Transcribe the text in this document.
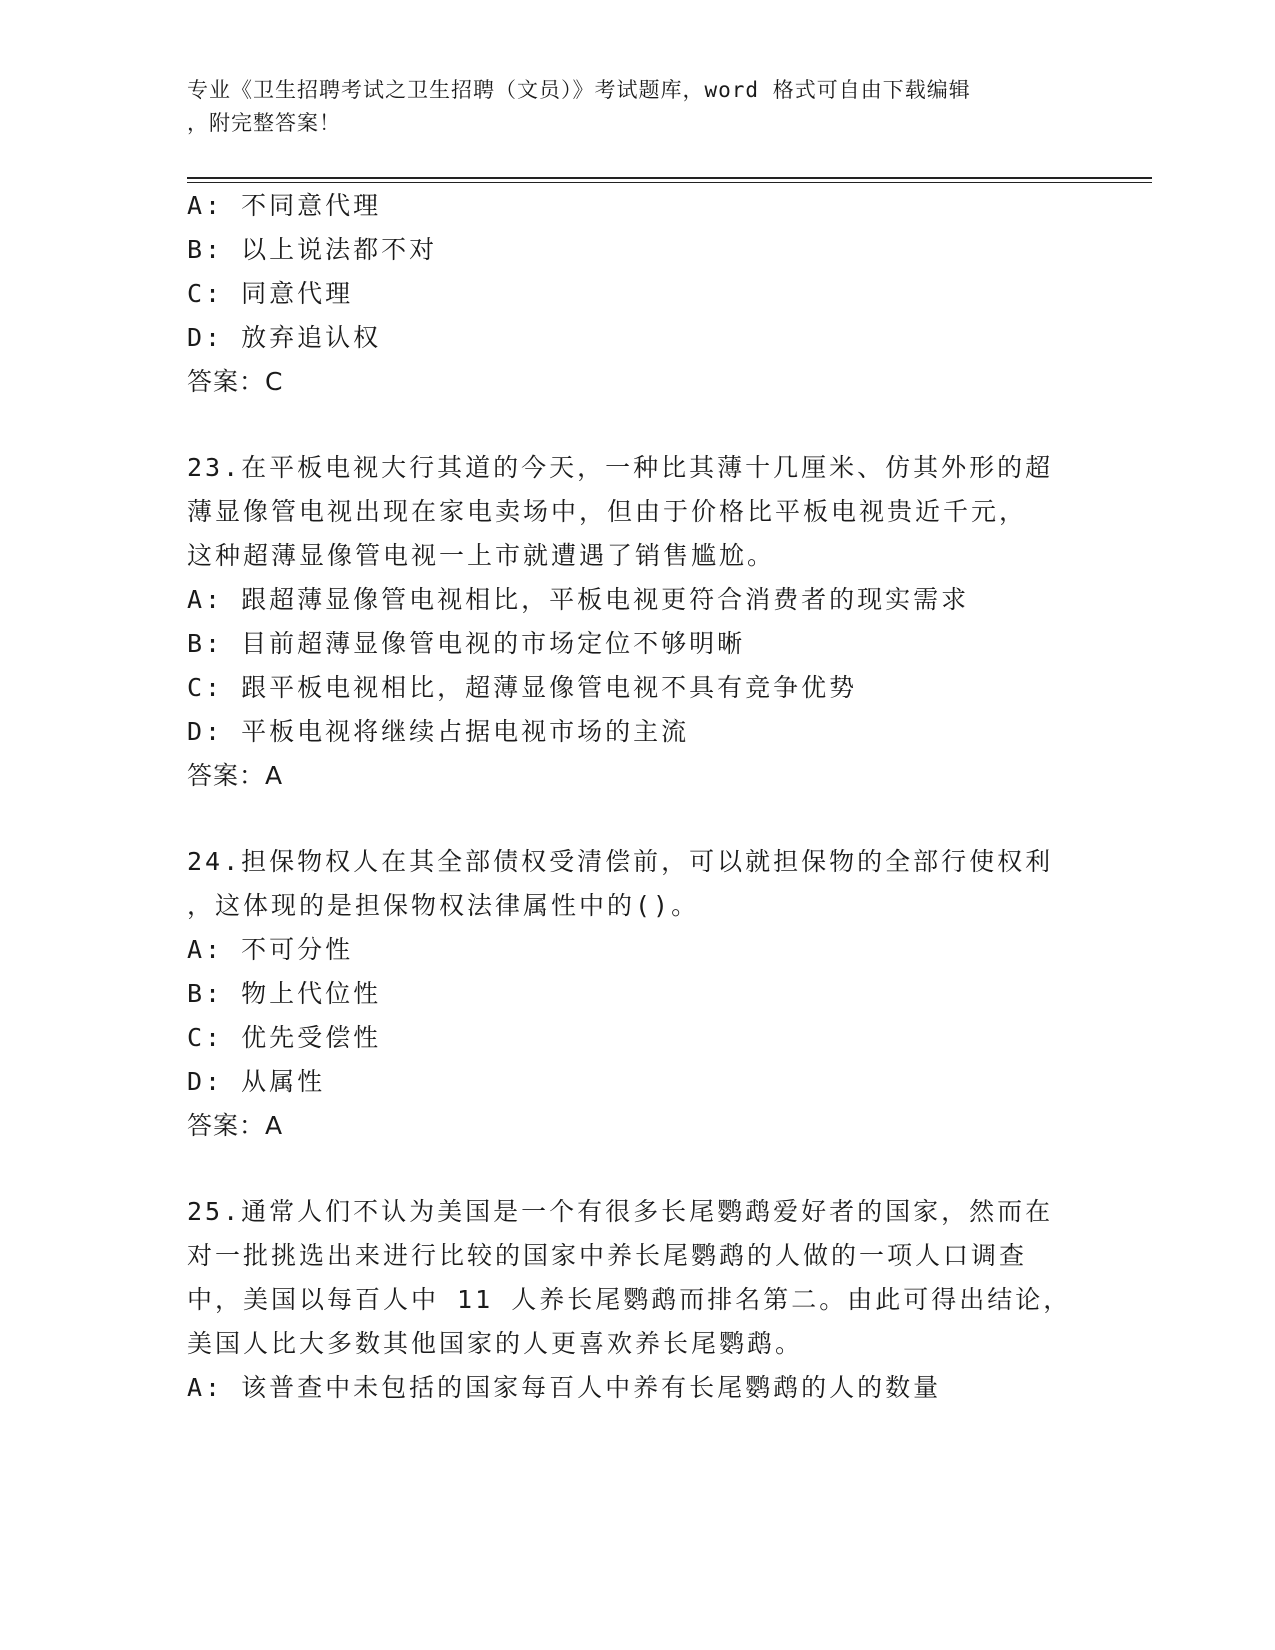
专业《卫生招聘考试之卫生招聘（文员）》考试题库，word 格式可自由下载编辑
，附完整答案！
A: 不同意代理
B: 以上说法都不对
C: 同意代理
D: 放弃追认权
答案：C
23.在平板电视大行其道的今天，一种比其薄十几厘米、仿其外形的超
薄显像管电视出现在家电卖场中，但由于价格比平板电视贵近千元，
这种超薄显像管电视一上市就遭遇了销售尴尬。
A: 跟超薄显像管电视相比，平板电视更符合消费者的现实需求
B: 目前超薄显像管电视的市场定位不够明晰
C: 跟平板电视相比，超薄显像管电视不具有竞争优势
D: 平板电视将继续占据电视市场的主流
答案：A
24.担保物权人在其全部债权受清偿前，可以就担保物的全部行使权利
，这体现的是担保物权法律属性中的()。
A: 不可分性
B: 物上代位性
C: 优先受偿性
D: 从属性
答案：A
25.通常人们不认为美国是一个有很多长尾鹦鹉爱好者的国家，然而在
对一批挑选出来进行比较的国家中养长尾鹦鹉的人做的一项人口调查
中，美国以每百人中 11 人养长尾鹦鹉而排名第二。由此可得出结论，
美国人比大多数其他国家的人更喜欢养长尾鹦鹉。
A: 该普查中未包括的国家每百人中养有长尾鹦鹉的人的数量
